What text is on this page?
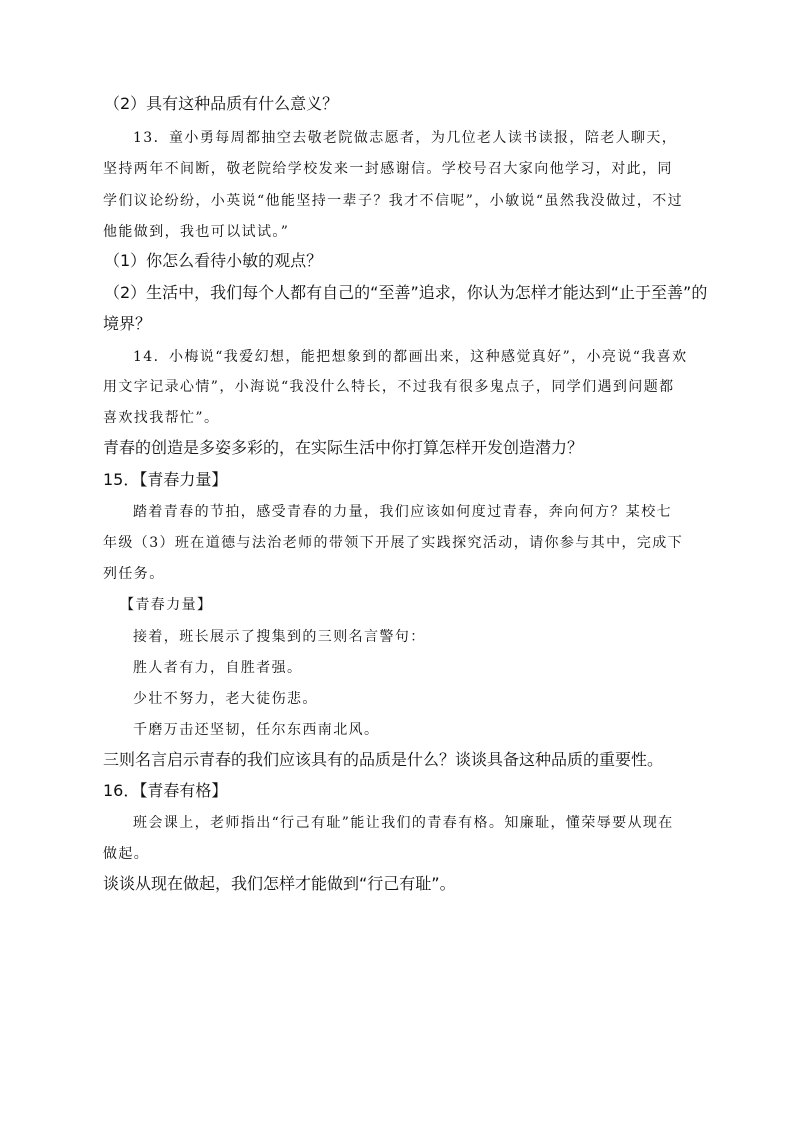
（2）具有这种品质有什么意义？
13．童小勇每周都抽空去敬老院做志愿者，为几位老人读书读报，陪老人聊天，
坚持两年不间断，敬老院给学校发来一封感谢信。学校号召大家向他学习，对此，同
学们议论纷纷，小英说“他能坚持一辈子？我才不信呢”，小敏说“虽然我没做过，不过
他能做到，我也可以试试。”
（1）你怎么看待小敏的观点？
（2）生活中，我们每个人都有自己的“至善”追求，你认为怎样才能达到“止于至善”的
境界？
14．小梅说“我爱幻想，能把想象到的都画出来，这种感觉真好”，小亮说“我喜欢
用文字记录心情”，小海说“我没什么特长，不过我有很多鬼点子，同学们遇到问题都
喜欢找我帮忙”。
青春的创造是多姿多彩的，在实际生活中你打算怎样开发创造潜力？
15．【青春力量】
踏着青春的节拍，感受青春的力量，我们应该如何度过青春，奔向何方？某校七
年级（3）班在道德与法治老师的带领下开展了实践探究活动，请你参与其中，完成下
列任务。
【青春力量】
接着，班长展示了搜集到的三则名言警句：
胜人者有力，自胜者强。
少壮不努力，老大徒伤悲。
千磨万击还坚韧，任尔东西南北风。
三则名言启示青春的我们应该具有的品质是什么？谈谈具备这种品质的重要性。
16．【青春有格】
班会课上，老师指出“行己有耻”能让我们的青春有格。知廉耻，懂荣辱要从现在
做起。
谈谈从现在做起，我们怎样才能做到“行己有耻”。
